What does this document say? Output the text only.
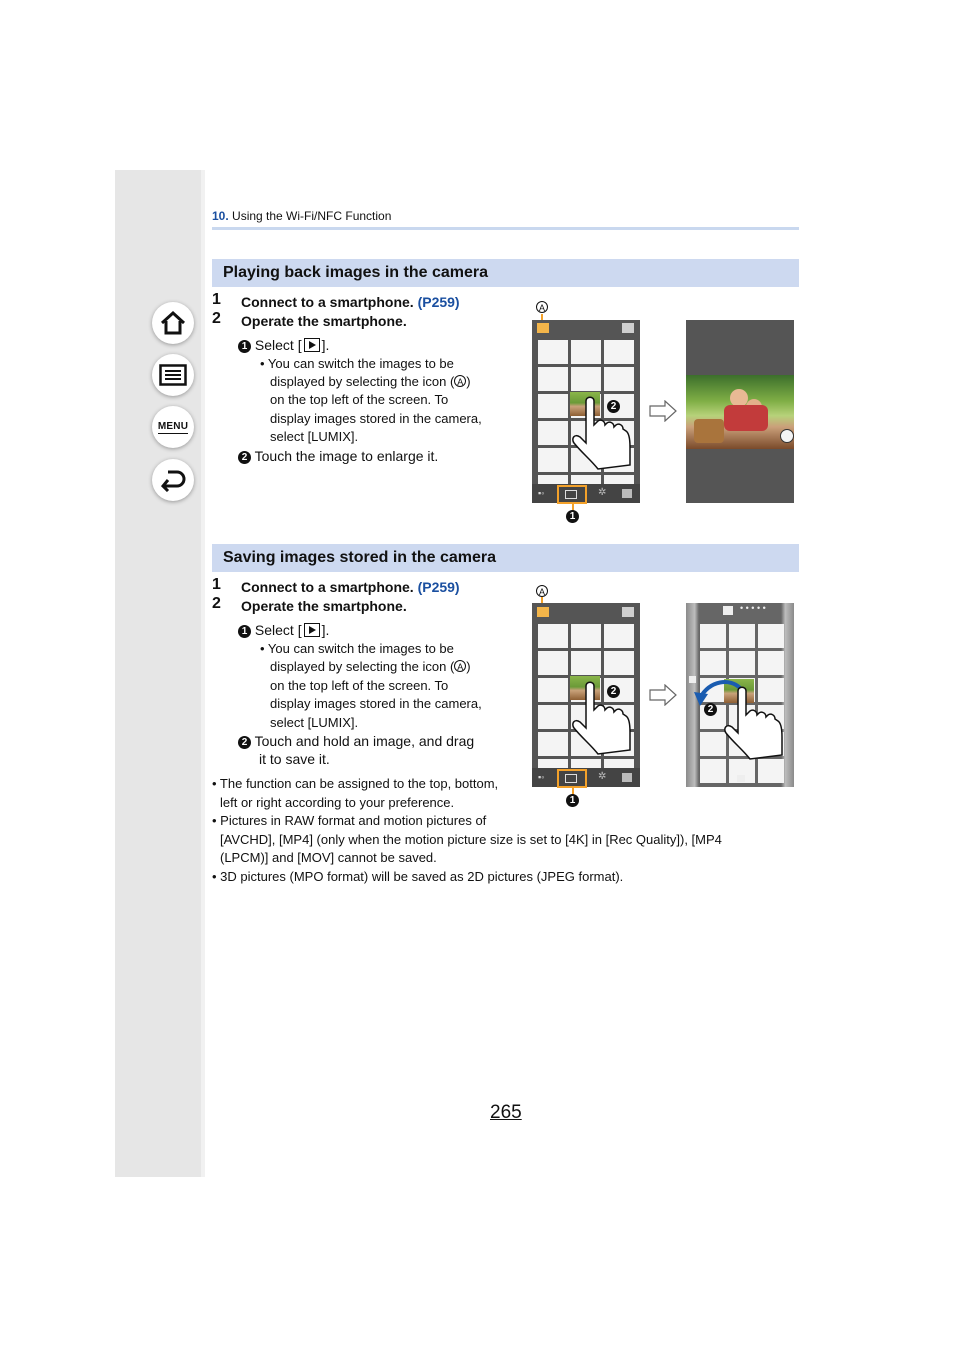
MENU
10. Using the Wi-Fi/NFC Function
Playing back images in the camera
1 Connect to a smartphone. (P259)
2 Operate the smartphone.
1 Select [ ].
• You can switch the images to be
displayed by selecting the icon ( A )
on the top left of the screen. To
display images stored in the camera,
select [LUMIX].
2 Touch the image to enlarge it.
A
▪◦	✲
1
2
Saving images stored in the camera
1 Connect to a smartphone. (P259)
2 Operate the smartphone.
1 Select [ ].
• You can switch the images to be
displayed by selecting the icon ( A )
on the top left of the screen. To
display images stored in the camera,
select [LUMIX].
2 Touch and hold an image, and drag
it to save it.
A
▪◦	✲
1
2
• • • • •
2
• The function can be assigned to the top, bottom,
left or right according to your preference.
• Pictures in RAW format and motion pictures of
[AVCHD], [MP4] (only when the motion picture size is set to [4K] in [Rec Quality]), [MP4
(LPCM)] and [MOV] cannot be saved.
• 3D pictures (MPO format) will be saved as 2D pictures (JPEG format).
265
